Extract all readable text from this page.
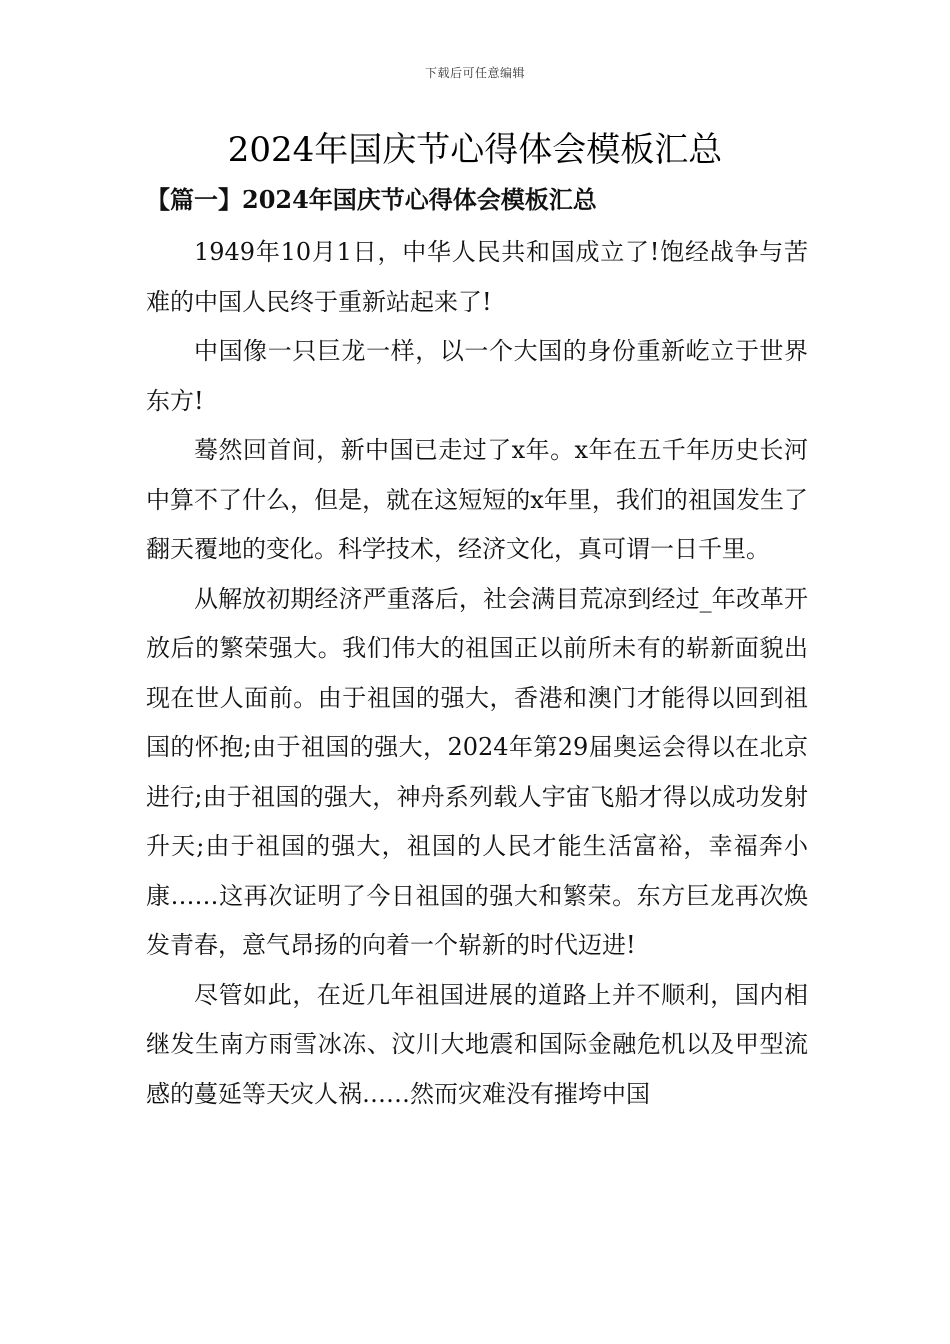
下载后可任意编辑
2024年国庆节心得体会模板汇总
【篇一】2024年国庆节心得体会模板汇总

1949年10月1日，中华人民共和国成立了!饱经战争与苦难的中国人民终于重新站起来了!

中国像一只巨龙一样，以一个大国的身份重新屹立于世界东方!

蓦然回首间，新中国已走过了x年。x年在五千年历史长河中算不了什么，但是，就在这短短的x年里，我们的祖国发生了翻天覆地的变化。科学技术，经济文化，真可谓一日千里。

从解放初期经济严重落后，社会满目荒凉到经过_年改革开放后的繁荣强大。我们伟大的祖国正以前所未有的崭新面貌出现在世人面前。由于祖国的强大，香港和澳门才能得以回到祖国的怀抱;由于祖国的强大，2024年第29届奥运会得以在北京进行;由于祖国的强大，神舟系列载人宇宙飞船才得以成功发射升天;由于祖国的强大，祖国的人民才能生活富裕，幸福奔小康……这再次证明了今日祖国的强大和繁荣。东方巨龙再次焕发青春，意气昂扬的向着一个崭新的时代迈进!

尽管如此，在近几年祖国进展的道路上并不顺利，国内相继发生南方雨雪冰冻、汶川大地震和国际金融危机以及甲型流感的蔓延等天灾人祸……然而灾难没有摧垮中国
